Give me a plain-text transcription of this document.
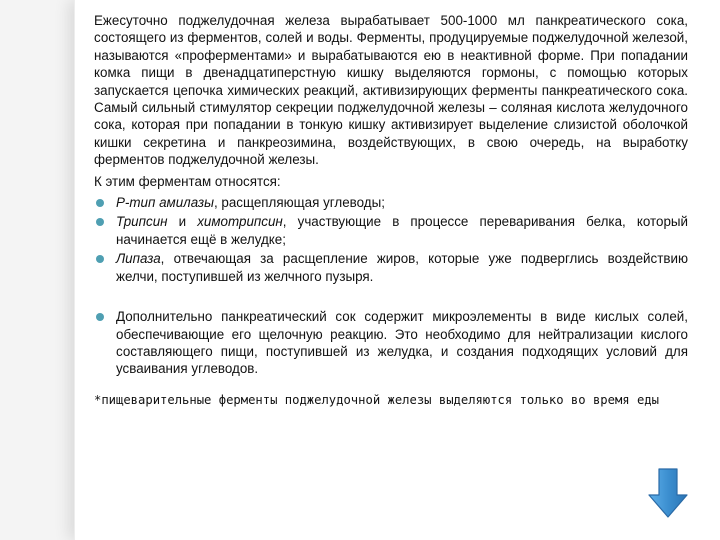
Ежесуточно поджелудочная железа вырабатывает 500-1000 мл панкреатического сока, состоящего из ферментов, солей и воды. Ферменты, продуцируемые поджелудочной железой, называются «проферментами» и вырабатываются ею в неактивной форме. При попадании комка пищи в двенадцатиперстную кишку выделяются гормоны, с помощью которых запускается цепочка химических реакций, активизирующих ферменты панкреатического сока. Самый сильный стимулятор секреции поджелудочной железы – соляная кислота желудочного сока, которая при попадании в тонкую кишку активизирует выделение слизистой оболочкой кишки секретина и панкреозимина, воздействующих, в свою очередь, на выработку ферментов поджелудочной железы.

К этим ферментам относятся:

Р-тип амилазы, расщепляющая углеводы;
Трипсин и химотрипсин, участвующие в процессе переваривания белка, который начинается ещё в желудке;
Липаза, отвечающая за расщепление жиров, которые уже подверглись воздействию желчи, поступившей из желчного пузыря.
Дополнительно панкреатический сок содержит микроэлементы в виде кислых солей, обеспечивающие его щелочную реакцию. Это необходимо для нейтрализации кислого составляющего пищи, поступившей из желудка, и создания подходящих условий для усваивания углеводов.

*пищеварительные ферменты поджелудочной железы выделяются только во время еды
